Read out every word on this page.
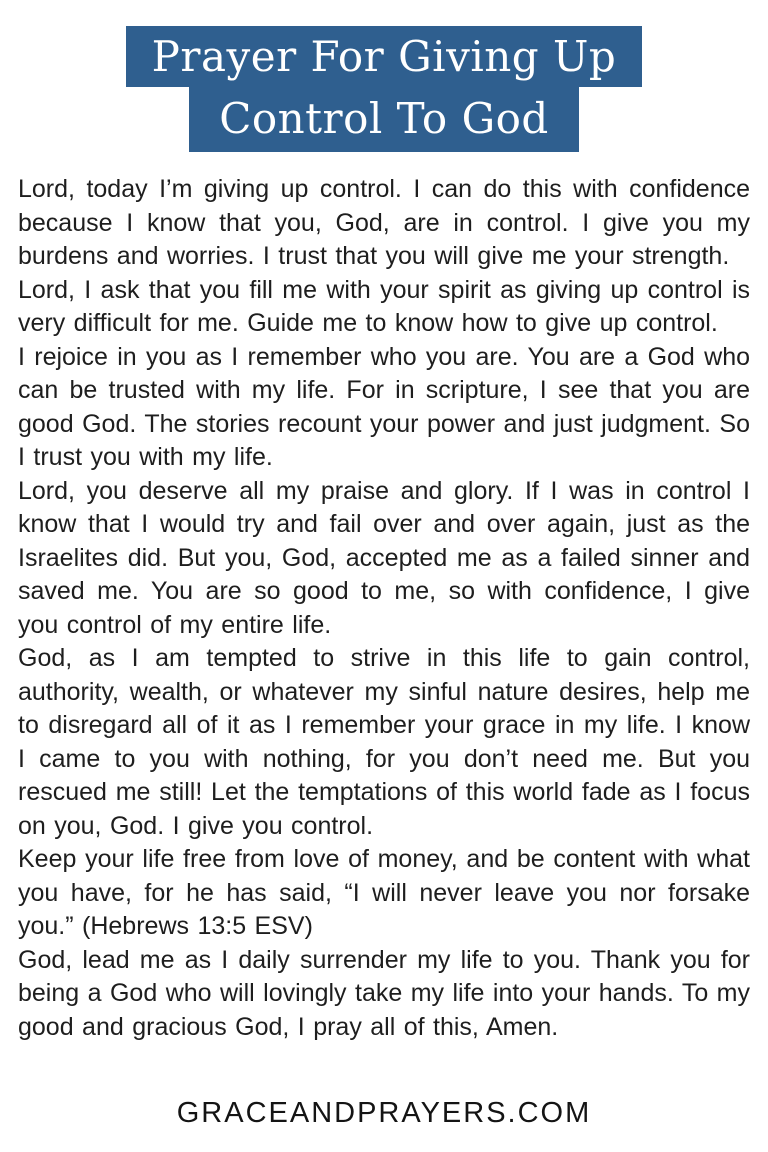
Prayer For Giving Up
Control To God

Lord, today I’m giving up control. I can do this with confidence because I know that you, God, are in control. I give you my burdens and worries. I trust that you will give me your strength.

Lord, I ask that you fill me with your spirit as giving up control is very difficult for me. Guide me to know how to give up control.

I rejoice in you as I remember who you are. You are a God who can be trusted with my life. For in scripture, I see that you are good God. The stories recount your power and just judgment. So I trust you with my life.

Lord, you deserve all my praise and glory. If I was in control I know that I would try and fail over and over again, just as the Israelites did. But you, God, accepted me as a failed sinner and saved me. You are so good to me, so with confidence, I give you control of my entire life.

God, as I am tempted to strive in this life to gain control, authority, wealth, or whatever my sinful nature desires, help me to disregard all of it as I remember your grace in my life. I know I came to you with nothing, for you don’t need me. But you rescued me still! Let the temptations of this world fade as I focus on you, God. I give you control.

Keep your life free from love of money, and be content with what you have, for he has said, “I will never leave you nor forsake you.” (Hebrews 13:5 ESV)

God, lead me as I daily surrender my life to you. Thank you for being a God who will lovingly take my life into your hands. To my good and gracious God, I pray all of this, Amen.

GRACEANDPRAYERS.COM
